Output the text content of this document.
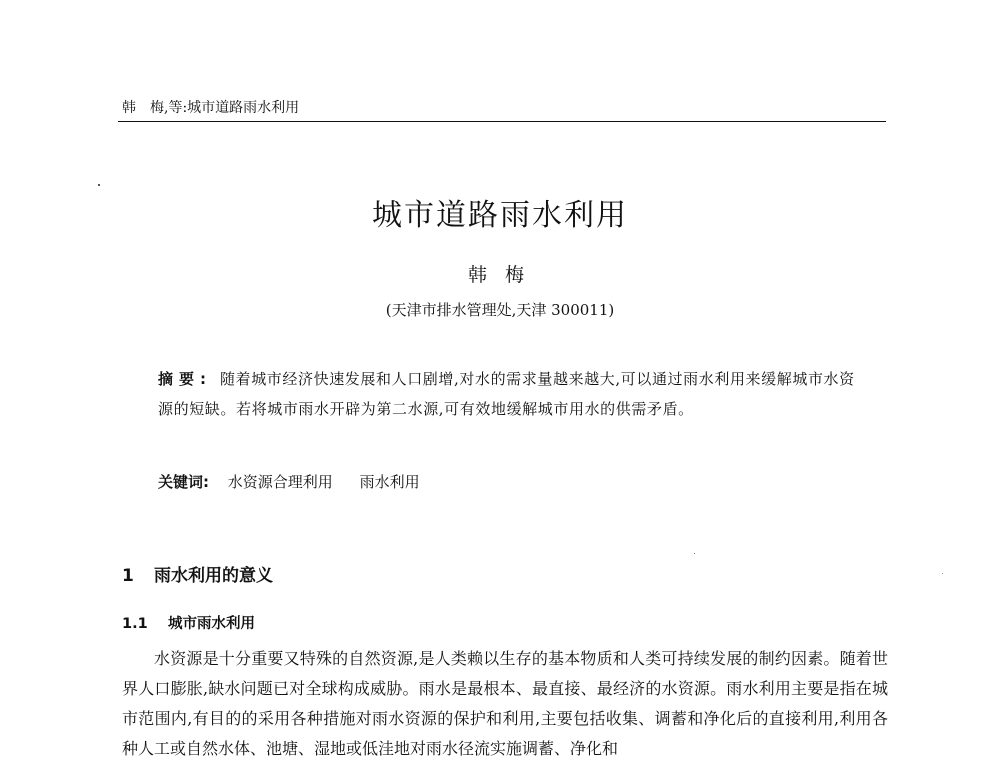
韩　梅,等:城市道路雨水利用
城市道路雨水利用
韩梅
(天津市排水管理处,天津 300011)
摘要: 随着城市经济快速发展和人口剧增,对水的需求量越来越大,可以通过雨水利用来缓解城市水资源的短缺。若将城市雨水开辟为第二水源,可有效地缓解城市用水的供需矛盾。
关键词: 水资源合理利用 雨水利用
1 雨水利用的意义
1.1 城市雨水利用

水资源是十分重要又特殊的自然资源,是人类赖以生存的基本物质和人类可持续发展的制约因素。随着世界人口膨胀,缺水问题已对全球构成威胁。雨水是最根本、最直接、最经济的水资源。雨水利用主要是指在城市范围内,有目的的采用各种措施对雨水资源的保护和利用,主要包括收集、调蓄和净化后的直接利用,利用各种人工或自然水体、池塘、湿地或低洼地对雨水径流实施调蓄、净化和
